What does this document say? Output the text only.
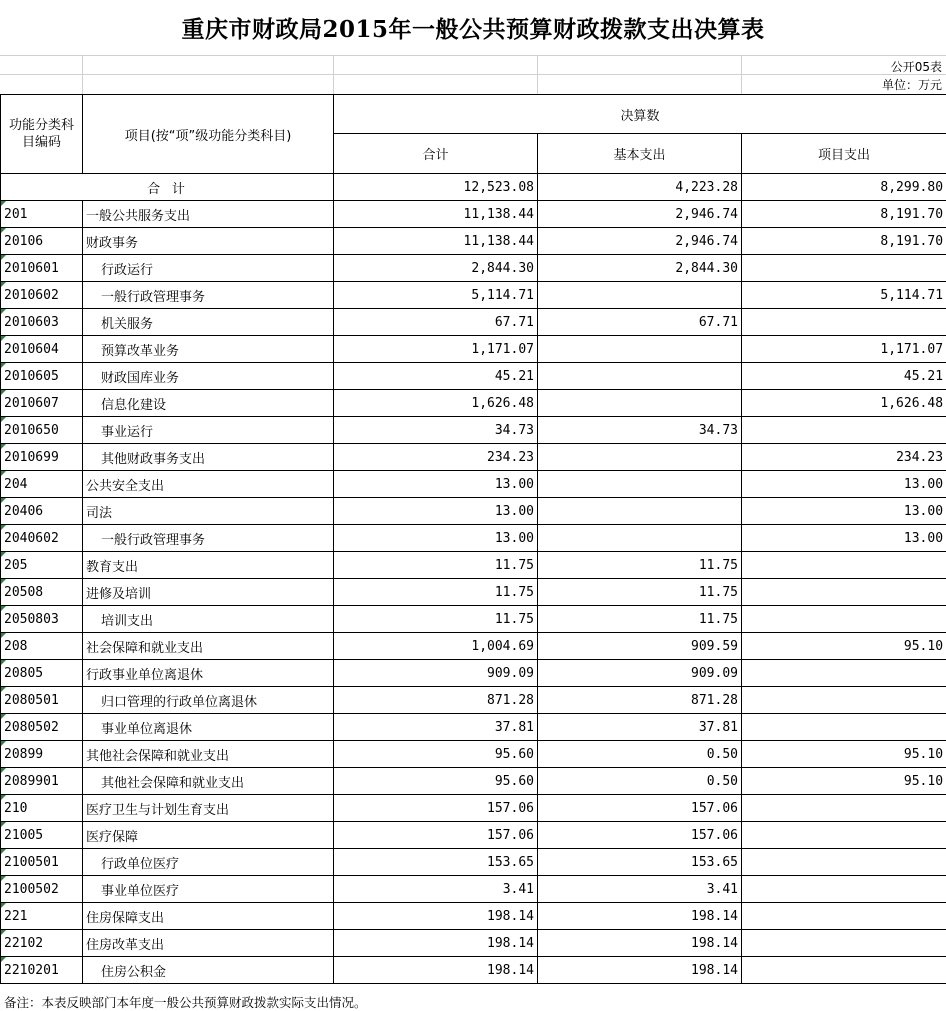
重庆市财政局2015年一般公共预算财政拨款支出决算表
公开05表
单位：万元
功能分类科目编码	项目(按“项”级功能分类科目)	决算数		
		合计	基本支出	项目支出
合 计		12,523.08	4,223.28	8,299.80
201	一般公共服务支出	11,138.44	2,946.74	8,191.70
20106	财政事务	11,138.44	2,946.74	8,191.70
2010601	行政运行	2,844.30	2,844.30	
2010602	一般行政管理事务	5,114.71		5,114.71
2010603	机关服务	67.71	67.71	
2010604	预算改革业务	1,171.07		1,171.07
2010605	财政国库业务	45.21		45.21
2010607	信息化建设	1,626.48		1,626.48
2010650	事业运行	34.73	34.73	
2010699	其他财政事务支出	234.23		234.23
204	公共安全支出	13.00		13.00
20406	司法	13.00		13.00
2040602	一般行政管理事务	13.00		13.00
205	教育支出	11.75	11.75	
20508	进修及培训	11.75	11.75	
2050803	培训支出	11.75	11.75	
208	社会保障和就业支出	1,004.69	909.59	95.10
20805	行政事业单位离退休	909.09	909.09	
2080501	归口管理的行政单位离退休	871.28	871.28	
2080502	事业单位离退休	37.81	37.81	
20899	其他社会保障和就业支出	95.60	0.50	95.10
2089901	其他社会保障和就业支出	95.60	0.50	95.10
210	医疗卫生与计划生育支出	157.06	157.06	
21005	医疗保障	157.06	157.06	
2100501	行政单位医疗	153.65	153.65	
2100502	事业单位医疗	3.41	3.41	
221	住房保障支出	198.14	198.14	
22102	住房改革支出	198.14	198.14	
2210201	住房公积金	198.14	198.14	
备注：本表反映部门本年度一般公共预算财政拨款实际支出情况。
